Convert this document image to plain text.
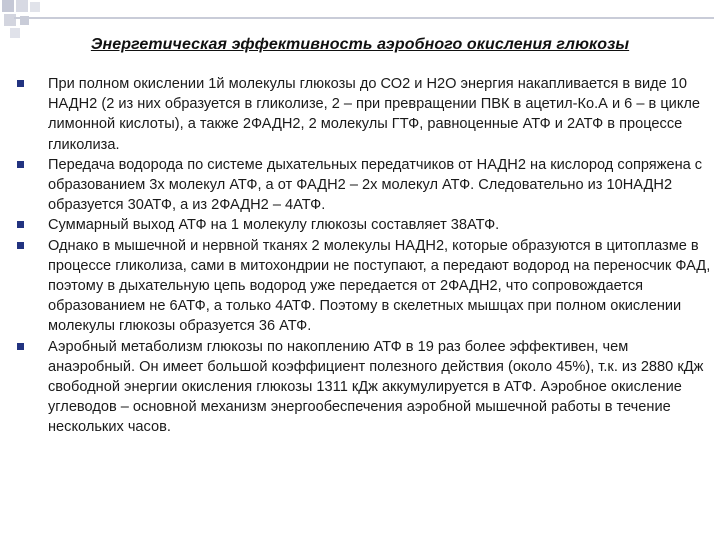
Энергетическая эффективность аэробного окисления глюкозы
При полном окислении 1й молекулы глюкозы до СО2 и Н2О энергия накапливается в виде 10 НАДН2 (2 из них образуется в гликолизе, 2 – при превращении ПВК в ацетил-Ко.А и 6 – в цикле лимонной кислоты), а также 2ФАДН2, 2 молекулы ГТФ, равноценные АТФ и 2АТФ в процессе гликолиза.
Передача водорода по системе дыхательных передатчиков от НАДН2 на кислород сопряжена с образованием 3х молекул АТФ, а от ФАДН2 – 2х молекул АТФ. Следовательно из 10НАДН2 образуется 30АТФ, а из 2ФАДН2 – 4АТФ.
Суммарный выход АТФ на 1 молекулу глюкозы составляет 38АТФ.
Однако в мышечной и нервной тканях 2 молекулы НАДН2, которые образуются в цитоплазме в процессе гликолиза, сами в митохондрии не поступают, а передают водород на переносчик ФАД, поэтому в дыхательную цепь водород уже передается от 2ФАДН2, что сопровождается образованием не 6АТФ, а только 4АТФ. Поэтому в скелетных мышцах при полном окислении молекулы глюкозы образуется 36 АТФ.
Аэробный метаболизм глюкозы по накоплению АТФ в 19 раз более эффективен, чем анаэробный. Он имеет большой коэффициент полезного действия (около 45%), т.к. из 2880 кДж свободной энергии окисления глюкозы 1311 кДж аккумулируется в АТФ. Аэробное окисление углеводов – основной механизм энергообеспечения аэробной мышечной работы в течение нескольких часов.
